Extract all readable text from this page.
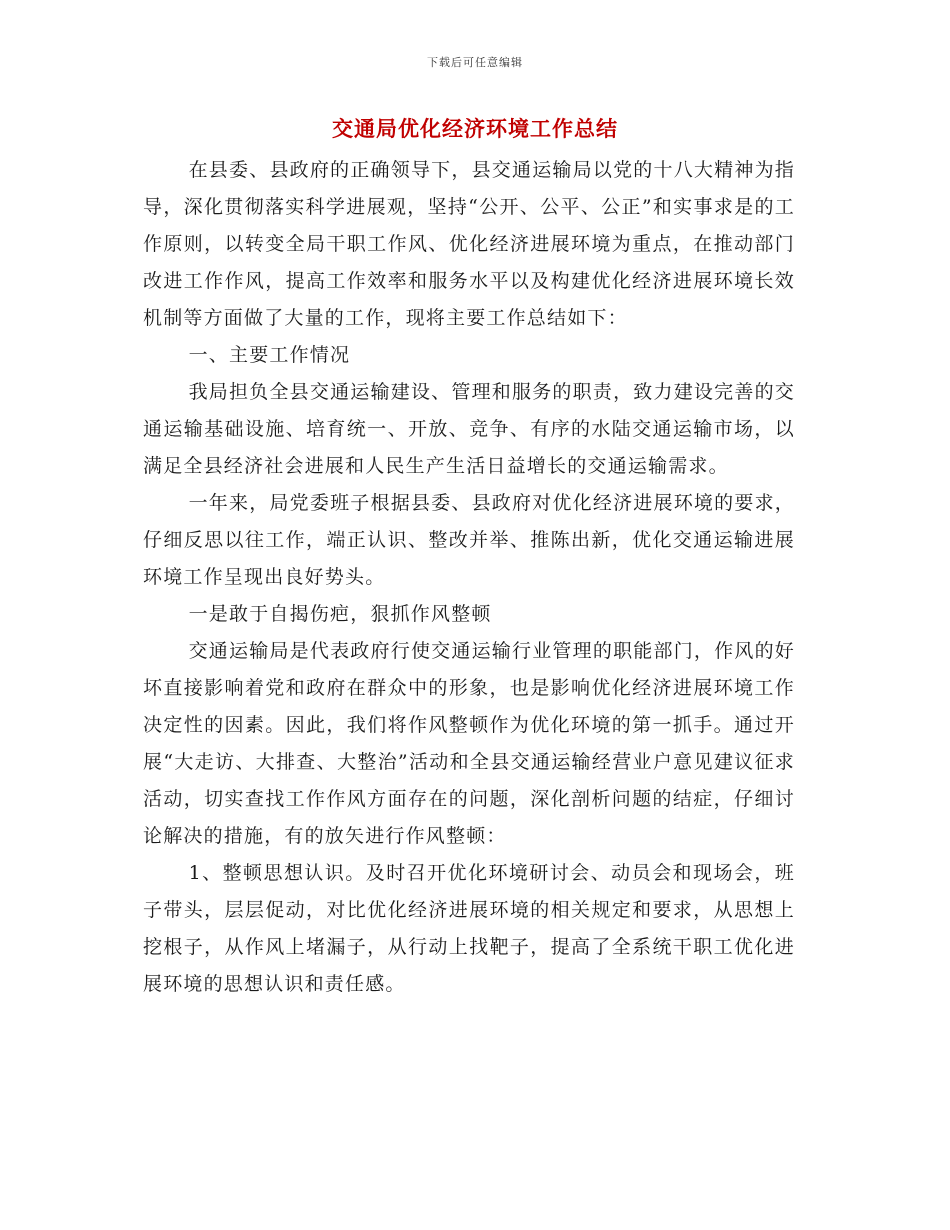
下载后可任意编辑
交通局优化经济环境工作总结

在县委、县政府的正确领导下，县交通运输局以党的十八大精神为指导，深化贯彻落实科学进展观，坚持“公开、公平、公正”和实事求是的工作原则，以转变全局干职工作风、优化经济进展环境为重点，在推动部门改进工作作风，提高工作效率和服务水平以及构建优化经济进展环境长效机制等方面做了大量的工作，现将主要工作总结如下：

一、主要工作情况

我局担负全县交通运输建设、管理和服务的职责，致力建设完善的交通运输基础设施、培育统一、开放、竞争、有序的水陆交通运输市场，以满足全县经济社会进展和人民生产生活日益增长的交通运输需求。

一年来，局党委班子根据县委、县政府对优化经济进展环境的要求，仔细反思以往工作，端正认识、整改并举、推陈出新，优化交通运输进展环境工作呈现出良好势头。

一是敢于自揭伤疤，狠抓作风整顿

交通运输局是代表政府行使交通运输行业管理的职能部门，作风的好坏直接影响着党和政府在群众中的形象，也是影响优化经济进展环境工作决定性的因素。因此，我们将作风整顿作为优化环境的第一抓手。通过开展“大走访、大排查、大整治”活动和全县交通运输经营业户意见建议征求活动，切实查找工作作风方面存在的问题，深化剖析问题的结症，仔细讨论解决的措施，有的放矢进行作风整顿：

1、整顿思想认识。及时召开优化环境研讨会、动员会和现场会，班子带头，层层促动，对比优化经济进展环境的相关规定和要求，从思想上挖根子，从作风上堵漏子，从行动上找靶子，提高了全系统干职工优化进展环境的思想认识和责任感。
